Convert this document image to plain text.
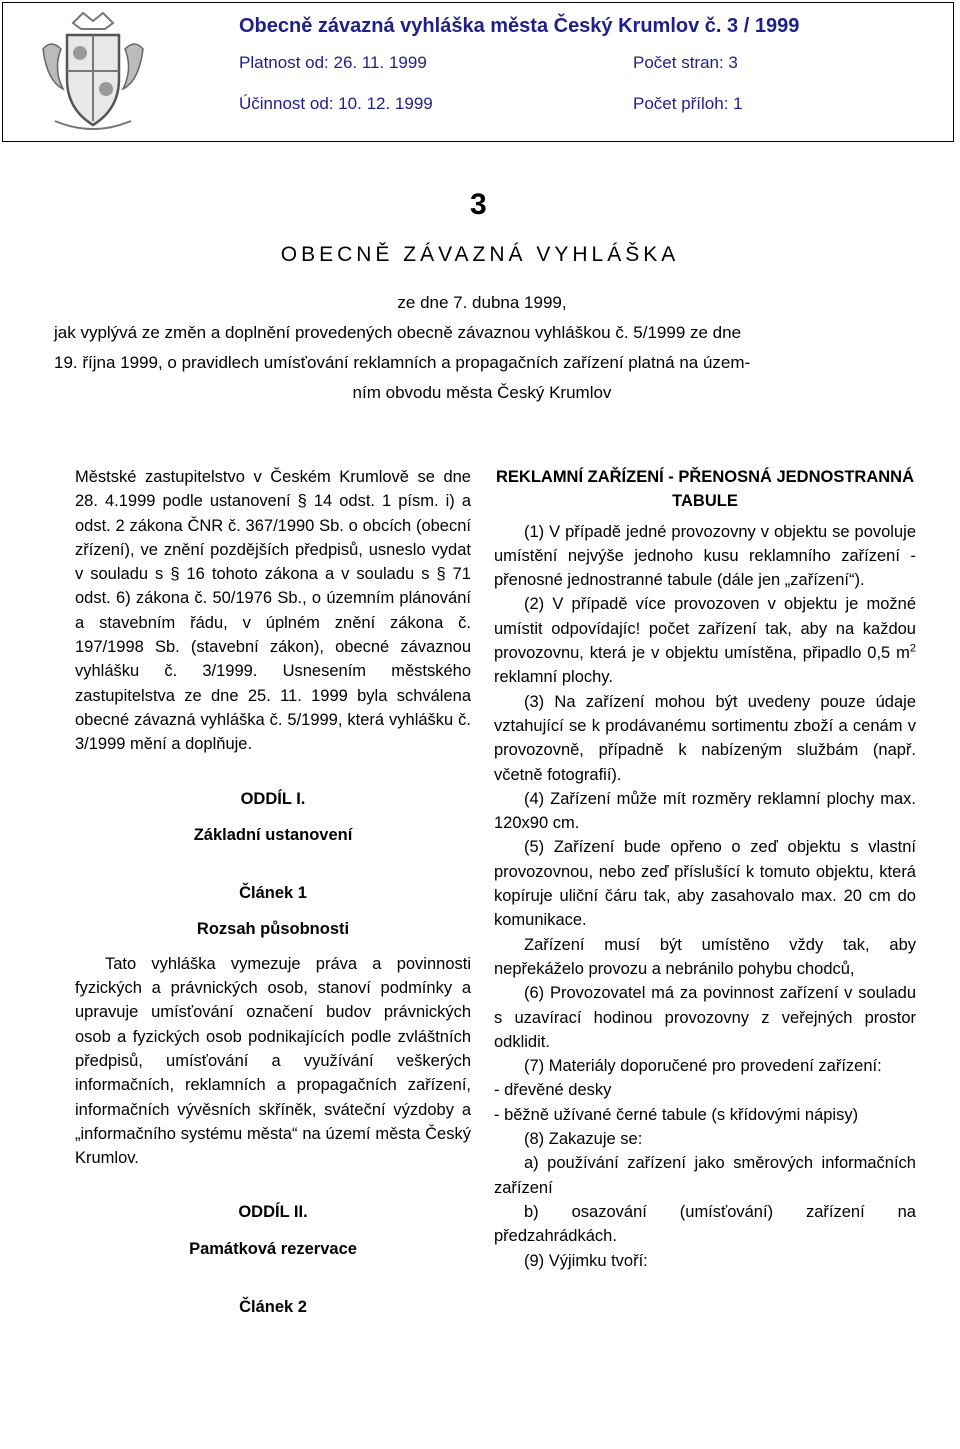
Obecně závazná vyhláška města Český Krumlov č. 3 / 1999
Platnost od: 26. 11. 1999	Počet stran: 3
Účinnost od: 10. 12. 1999	Počet příloh: 1
3
OBECNĚ ZÁVAZNÁ VYHLÁŠKA
ze dne 7. dubna 1999,
jak vyplývá ze změn a doplnění provedených obecně závaznou vyhláškou č. 5/1999 ze dne
19. října 1999, o pravidlech umísťování reklamních a propagačních zařízení platná na územ-
ním obvodu města Český Krumlov

Městské zastupitelstvo v Českém Krumlově se dne 28. 4.1999 podle ustanovení § 14 odst. 1 písm. i) a odst. 2 zákona ČNR č. 367/1990 Sb. o obcích (obecní zřízení), ve znění pozdějších předpisů, usneslo vydat v souladu s § 16 tohoto zákona a v souladu s § 71 odst. 6) zákona č. 50/1976 Sb., o územním plánování a stavebním řádu, v úplném znění zákona č. 197/1998 Sb. (stavební zákon), obecné závaznou vyhlášku č. 3/1999. Usnesením městského zastupitelstva ze dne 25. 11. 1999 byla schválena obecné závazná vyhláška č. 5/1999, která vyhlášku č. 3/1999 mění a doplňuje.

ODDÍL I.

Základní ustanovení

Článek 1

Rozsah působnosti

Tato vyhláška vymezuje práva a povinnosti fyzických a právnických osob, stanoví podmínky a upravuje umísťování označení budov právnických osob a fyzických osob podnikajících podle zvláštních předpisů, umísťování a využívání veškerých informačních, reklamních a propagačních zařízení, informačních vývěsních skříněk, sváteční výzdoby a „informačního systému města“ na území města Český Krumlov.

ODDÍL II.

Památková rezervace

Článek 2

REKLAMNÍ ZAŘÍZENÍ - PŘENOSNÁ JEDNOSTRANNÁ TABULE

(1) V případě jedné provozovny v objektu se povoluje umístění nejvýše jednoho kusu reklamního zařízení - přenosné jednostranné tabule (dále jen „zařízení“).

(2) V případě více provozoven v objektu je možné umístit odpovídajíc! počet zařízení tak, aby na každou provozovnu, která je v objektu umístěna, připadlo 0,5 $m^2$ reklamní plochy.

(3) Na zařízení mohou být uvedeny pouze údaje vztahující se k prodávanému sortimentu zboží a cenám v provozovně, případně k nabízeným službám (např. včetně fotografií).

(4) Zařízení může mít rozměry reklamní plochy max. 120x90 cm.

(5) Zařízení bude opřeno o zeď objektu s vlastní provozovnou, nebo zeď příslušící k tomuto objektu, která kopíruje uliční čáru tak, aby zasahovalo max. 20 cm do komunikace.

Zařízení musí být umístěno vždy tak, aby nepřekáželo provozu a nebránilo pohybu chodců,

(6) Provozovatel má za povinnost zařízení v souladu s uzavírací hodinou provozovny z veřejných prostor odklidit.

(7) Materiály doporučené pro provedení zařízení:

- dřevěné desky

- běžně užívané černé tabule (s křídovými nápisy)

(8) Zakazuje se:

a) používání zařízení jako směrových informačních zařízení

b) osazování (umísťování) zařízení na předzahrádkách.

(9) Výjimku tvoří:
